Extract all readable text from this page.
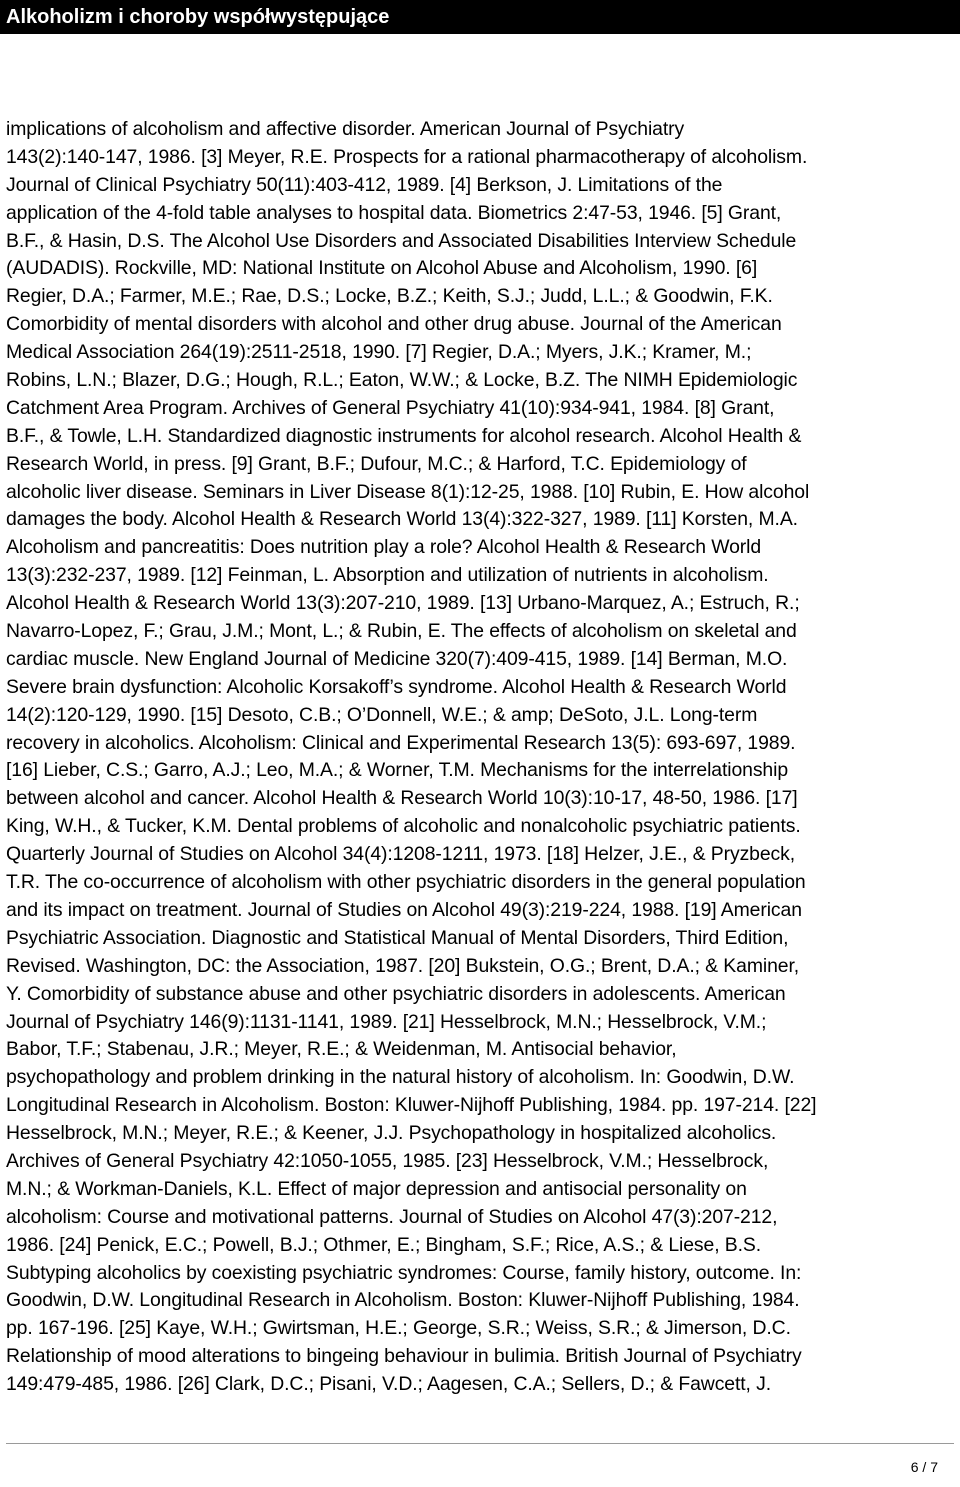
Alkoholizm i choroby współwystępujące
implications of alcoholism and affective disorder. American Journal of Psychiatry
143(2):140-147, 1986. [3] Meyer, R.E. Prospects for a rational pharmacotherapy of alcoholism.
Journal of Clinical Psychiatry 50(11):403-412, 1989. [4] Berkson, J. Limitations of the
application of the 4-fold table analyses to hospital data. Biometrics 2:47-53, 1946. [5] Grant,
B.F., & Hasin, D.S. The Alcohol Use Disorders and Associated Disabilities Interview Schedule
(AUDADIS). Rockville, MD: National Institute on Alcohol Abuse and Alcoholism, 1990. [6]
Regier, D.A.; Farmer, M.E.; Rae, D.S.; Locke, B.Z.; Keith, S.J.; Judd, L.L.; & Goodwin, F.K.
Comorbidity of mental disorders with alcohol and other drug abuse. Journal of the American
Medical Association 264(19):2511-2518, 1990. [7] Regier, D.A.; Myers, J.K.; Kramer, M.;
Robins, L.N.; Blazer, D.G.; Hough, R.L.; Eaton, W.W.; & Locke, B.Z. The NIMH Epidemiologic
Catchment Area Program. Archives of General Psychiatry 41(10):934-941, 1984. [8] Grant,
B.F., & Towle, L.H. Standardized diagnostic instruments for alcohol research. Alcohol Health &
Research World, in press. [9] Grant, B.F.; Dufour, M.C.; & Harford, T.C. Epidemiology of
alcoholic liver disease. Seminars in Liver Disease 8(1):12-25, 1988. [10] Rubin, E. How alcohol
damages the body. Alcohol Health & Research World 13(4):322-327, 1989. [11] Korsten, M.A.
Alcoholism and pancreatitis: Does nutrition play a role? Alcohol Health & Research World
13(3):232-237, 1989. [12] Feinman, L. Absorption and utilization of nutrients in alcoholism.
Alcohol Health & Research World 13(3):207-210, 1989. [13] Urbano-Marquez, A.; Estruch, R.;
Navarro-Lopez, F.; Grau, J.M.; Mont, L.; & Rubin, E. The effects of alcoholism on skeletal and
cardiac muscle. New England Journal of Medicine 320(7):409-415, 1989. [14] Berman, M.O.
Severe brain dysfunction: Alcoholic Korsakoff’s syndrome. Alcohol Health & Research World
14(2):120-129, 1990. [15] Desoto, C.B.; O’Donnell, W.E.; & amp; DeSoto, J.L. Long-term
recovery in alcoholics. Alcoholism: Clinical and Experimental Research 13(5): 693-697, 1989.
[16] Lieber, C.S.; Garro, A.J.; Leo, M.A.; & Worner, T.M. Mechanisms for the interrelationship
between alcohol and cancer. Alcohol Health & Research World 10(3):10-17, 48-50, 1986. [17]
King, W.H., & Tucker, K.M. Dental problems of alcoholic and nonalcoholic psychiatric patients.
Quarterly Journal of Studies on Alcohol 34(4):1208-1211, 1973. [18] Helzer, J.E., & Pryzbeck,
T.R. The co-occurrence of alcoholism with other psychiatric disorders in the general population
and its impact on treatment. Journal of Studies on Alcohol 49(3):219-224, 1988. [19] American
Psychiatric Association. Diagnostic and Statistical Manual of Mental Disorders, Third Edition,
Revised. Washington, DC: the Association, 1987. [20] Bukstein, O.G.; Brent, D.A.; & Kaminer,
Y. Comorbidity of substance abuse and other psychiatric disorders in adolescents. American
Journal of Psychiatry 146(9):1131-1141, 1989. [21] Hesselbrock, M.N.; Hesselbrock, V.M.;
Babor, T.F.; Stabenau, J.R.; Meyer, R.E.; & Weidenman, M. Antisocial behavior,
psychopathology and problem drinking in the natural history of alcoholism. In: Goodwin, D.W.
Longitudinal Research in Alcoholism. Boston: Kluwer-Nijhoff Publishing, 1984. pp. 197-214. [22]
Hesselbrock, M.N.; Meyer, R.E.; & Keener, J.J. Psychopathology in hospitalized alcoholics.
Archives of General Psychiatry 42:1050-1055, 1985. [23] Hesselbrock, V.M.; Hesselbrock,
M.N.; & Workman-Daniels, K.L. Effect of major depression and antisocial personality on
alcoholism: Course and motivational patterns. Journal of Studies on Alcohol 47(3):207-212,
1986. [24] Penick, E.C.; Powell, B.J.; Othmer, E.; Bingham, S.F.; Rice, A.S.; & Liese, B.S.
Subtyping alcoholics by coexisting psychiatric syndromes: Course, family history, outcome. In:
Goodwin, D.W. Longitudinal Research in Alcoholism. Boston: Kluwer-Nijhoff Publishing, 1984.
pp. 167-196. [25] Kaye, W.H.; Gwirtsman, H.E.; George, S.R.; Weiss, S.R.; & Jimerson, D.C.
Relationship of mood alterations to bingeing behaviour in bulimia. British Journal of Psychiatry
149:479-485, 1986. [26] Clark, D.C.; Pisani, V.D.; Aagesen, C.A.; Sellers, D.; & Fawcett, J.
6 / 7
